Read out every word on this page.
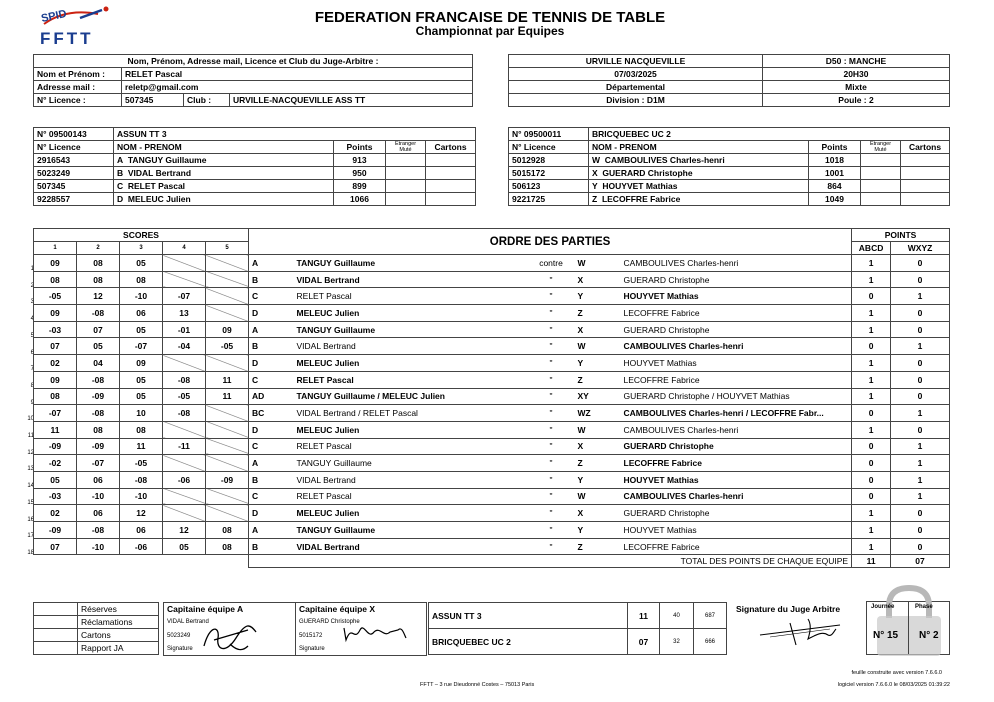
SPID
FFTT
FEDERATION FRANCAISE DE TENNIS DE TABLE
Championnat par Equipes
Nom, Prénom, Adresse mail, Licence et Club du Juge-Arbitre :			
Nom et Prénom :	RELET Pascal		
Adresse mail :	reletp@gmail.com		
N° Licence :	507345	Club :	URVILLE-NACQUEVILLE ASS TT
URVILLE NACQUEVILLE	D50 : MANCHE
07/03/2025	20H30
Départemental	Mixte
Division : D1M	Poule : 2
N° 09500143	ASSUN TT 3			
N° Licence	NOM - PRENOM	Points	Etranger Muté	Cartons
2916543	A TANGUY Guillaume	913		
5023249	B VIDAL Bertrand	950		
507345	C RELET Pascal	899		
9228557	D MELEUC Julien	1066		
N° 09500011	BRICQUEBEC UC 2			
N° Licence	NOM - PRENOM	Points	Etranger Muté	Cartons
5012928	W CAMBOULIVES Charles-henri	1018		
5015172	X GUERARD Christophe	1001		
506123	Y HOUYVET Mathias	864		
9221725	Z LECOFFRE Fabrice	1049		
1
2
3
4
5
6
7
8
9
10
11
12
13
14
15
16
17
18
SCORES					ORDRE DES PARTIES					POINTS	
1	2	3	4	5						ABCD	WXYZ
09	08	05			A	TANGUY Guillaume	contre	W	CAMBOULIVES Charles-henri	1	0
08	08	08			B	VIDAL Bertrand	"	X	GUERARD Christophe	1	0
-05	12	-10	-07		C	RELET Pascal	"	Y	HOUYVET Mathias	0	1
09	-08	06	13		D	MELEUC Julien	"	Z	LECOFFRE Fabrice	1	0
-03	07	05	-01	09	A	TANGUY Guillaume	"	X	GUERARD Christophe	1	0
07	05	-07	-04	-05	B	VIDAL Bertrand	"	W	CAMBOULIVES Charles-henri	0	1
02	04	09			D	MELEUC Julien	"	Y	HOUYVET Mathias	1	0
09	-08	05	-08	11	C	RELET Pascal	"	Z	LECOFFRE Fabrice	1	0
08	-09	05	-05	11	AD	TANGUY Guillaume / MELEUC Julien	"	XY	GUERARD Christophe / HOUYVET Mathias	1	0
-07	-08	10	-08		BC	VIDAL Bertrand / RELET Pascal	"	WZ	CAMBOULIVES Charles-henri / LECOFFRE Fabr...	0	1
11	08	08			D	MELEUC Julien	"	W	CAMBOULIVES Charles-henri	1	0
-09	-09	11	-11		C	RELET Pascal	"	X	GUERARD Christophe	0	1
-02	-07	-05			A	TANGUY Guillaume	"	Z	LECOFFRE Fabrice	0	1
05	06	-08	-06	-09	B	VIDAL Bertrand	"	Y	HOUYVET Mathias	0	1
-03	-10	-10			C	RELET Pascal	"	W	CAMBOULIVES Charles-henri	0	1
02	06	12			D	MELEUC Julien	"	X	GUERARD Christophe	1	0
-09	-08	06	12	08	A	TANGUY Guillaume	"	Y	HOUYVET Mathias	1	0
07	-10	-06	05	08	B	VIDAL Bertrand	"	Z	LECOFFRE Fabrice	1	0
					TOTAL DES POINTS DE CHAQUE EQUIPE					11	07
	Réserves
	Réclamations
	Cartons
	Rapport JA
Capitaine équipe A	Capitaine équipe X
VIDAL Bertrand	GUERARD Christophe
5023249	5015172
Signature	Signature
ASSUN TT 3	11	40	687
BRICQUEBEC UC 2	07	32	666
Signature du Juge Arbitre	Journée	Phase
N° 15 N° 2
feuille construite avec version 7.6.6.0
FFTT – 3 rue Dieudonné Costes – 75013 Paris	logiciel version 7.6.6.0 le 08/03/2025 01:39:22
